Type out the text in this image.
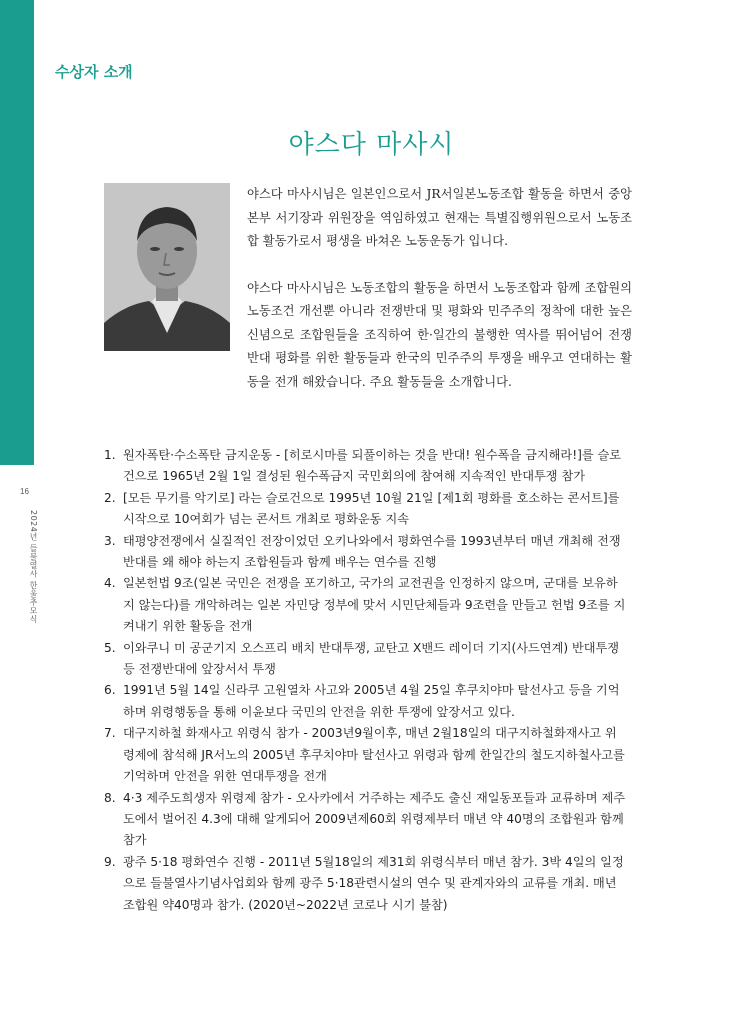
16
2024년 들불열사 한울추모식
수상자 소개
야스다 마사시

야스다 마사시님은 일본인으로서 JR서일본노동조합 활동을 하면서 중앙본부 서기장과 위원장을 역임하였고 현재는 특별집행위원으로서 노동조합 활동가로서 평생을 바쳐온 노동운동가 입니다.

야스다 마사시님은 노동조합의 활동을 하면서 노동조합과 함께 조합원의 노동조건 개선뿐 아니라 전쟁반대 및 평화와 민주주의 정착에 대한 높은 신념으로 조합원들을 조직하여 한·일간의 불행한 역사를 뛰어넘어 전쟁반대 평화를 위한 활동들과 한국의 민주주의 투쟁을 배우고 연대하는 활동을 전개 해왔습니다. 주요 활동들을 소개합니다.

1. 원자폭탄·수소폭탄 금지운동 - [히로시마를 되풀이하는 것을 반대! 원수폭을 금지해라!]를 슬로건으로 1965년 2월 1일 결성된 원수폭금지 국민회의에 참여해 지속적인 반대투쟁 참가
2. [모든 무기를 악기로] 라는 슬로건으로 1995년 10월 21일 [제1회 평화를 호소하는 콘서트]를 시작으로 10여회가 넘는 콘서트 개최로 평화운동 지속
3. 태평양전쟁에서 실질적인 전장이었던 오키나와에서 평화연수를 1993년부터 매년 개최해 전쟁반대를 왜 해야 하는지 조합원들과 함께 배우는 연수를 진행
4. 일본헌법 9조(일본 국민은 전쟁을 포기하고, 국가의 교전권을 인정하지 않으며, 군대를 보유하지 않는다)를 개악하려는 일본 자민당 정부에 맞서 시민단체들과 9조련을 만들고 헌법 9조를 지켜내기 위한 활동을 전개
5. 이와쿠니 미 공군기지 오스프리 배치 반대투쟁, 교탄고 X밴드 레이더 기지(사드연계) 반대투쟁 등 전쟁반대에 앞장서서 투쟁
6. 1991년 5월 14일 신라쿠 고원열차 사고와 2005년 4월 25일 후쿠치야마 탈선사고 등을 기억하며 위령행동을 통해 이윤보다 국민의 안전을 위한 투쟁에 앞장서고 있다.
7. 대구지하철 화재사고 위령식 참가 - 2003년9월이후, 매년 2월18일의 대구지하철화재사고 위령제에 참석해 JR서노의 2005년 후쿠치야마 탈선사고 위령과 함께 한일간의 철도지하철사고를 기억하며 안전을 위한 연대투쟁을 전개
8. 4·3 제주도희생자 위령제 참가 - 오사카에서 거주하는 제주도 출신 재일동포들과 교류하며 제주도에서 벌어진 4.3에 대해 알게되어 2009년제60회 위령제부터 매년 약 40명의 조합원과 함께 참가
9. 광주 5·18 평화연수 진행 - 2011년 5월18일의 제31회 위령식부터 매년 참가. 3박 4일의 일정으로 들불열사기념사업회와 함께 광주 5·18관련시설의 연수 및 관계자와의 교류를 개최. 매년 조합원 약40명과 참가. (2020년~2022년 코로나 시기 불참)
